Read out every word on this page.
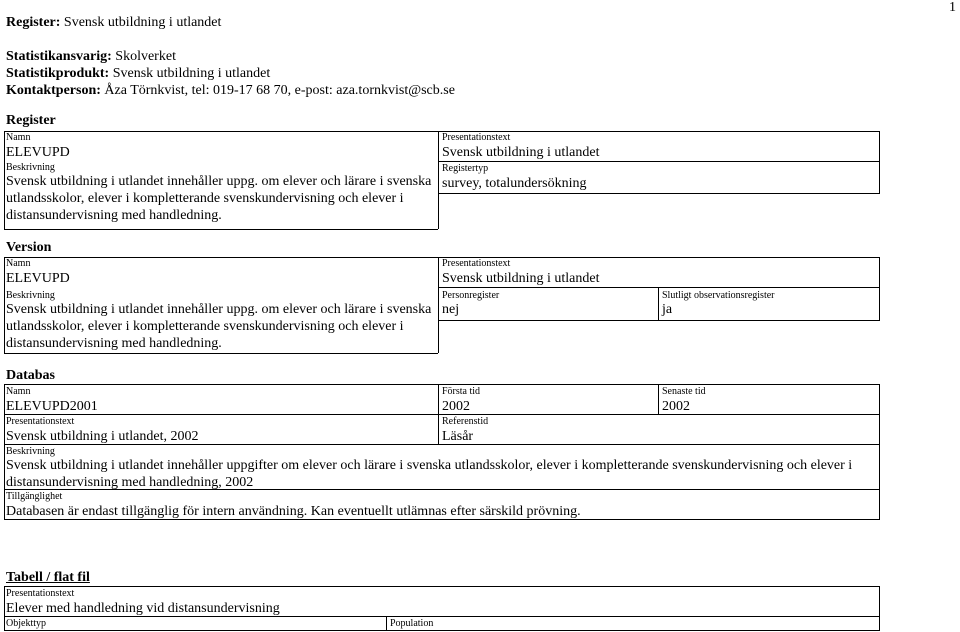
1
Register: Svensk utbildning i utlandet
Statistikansvarig: Skolverket
Statistikprodukt: Svensk utbildning i utlandet
Kontaktperson: Åza Törnkvist, tel: 019-17 68 70, e-post: aza.tornkvist@scb.se
Register
Namn
ELEVUPD
Beskrivning
Svensk utbildning i utlandet innehåller uppg. om elever och lärare i svenska utlandsskolor, elever i kompletterande svenskundervisning och elever i distansundervisning med handledning.
Presentationstext
Svensk utbildning i utlandet
Registertyp
survey, totalundersökning
Version
Namn
ELEVUPD
Beskrivning
Svensk utbildning i utlandet innehåller uppg. om elever och lärare i svenska utlandsskolor, elever i kompletterande svenskundervisning och elever i distansundervisning med handledning.
Presentationstext
Svensk utbildning i utlandet
Personregister
nej
Slutligt observationsregister
ja
Databas
Namn
ELEVUPD2001
Första tid
2002
Senaste tid
2002
Presentationstext
Svensk utbildning i utlandet, 2002
Referenstid
Läsår
Beskrivning
Svensk utbildning i utlandet innehåller uppgifter om elever och lärare i svenska utlandsskolor, elever i kompletterande svenskundervisning och elever i distansundervisning med handledning, 2002
Tillgänglighet
Databasen är endast tillgänglig för intern användning. Kan eventuellt utlämnas efter särskild prövning.
Tabell / flat fil
Presentationstext
Elever med handledning vid distansundervisning
Objekttyp	Population
